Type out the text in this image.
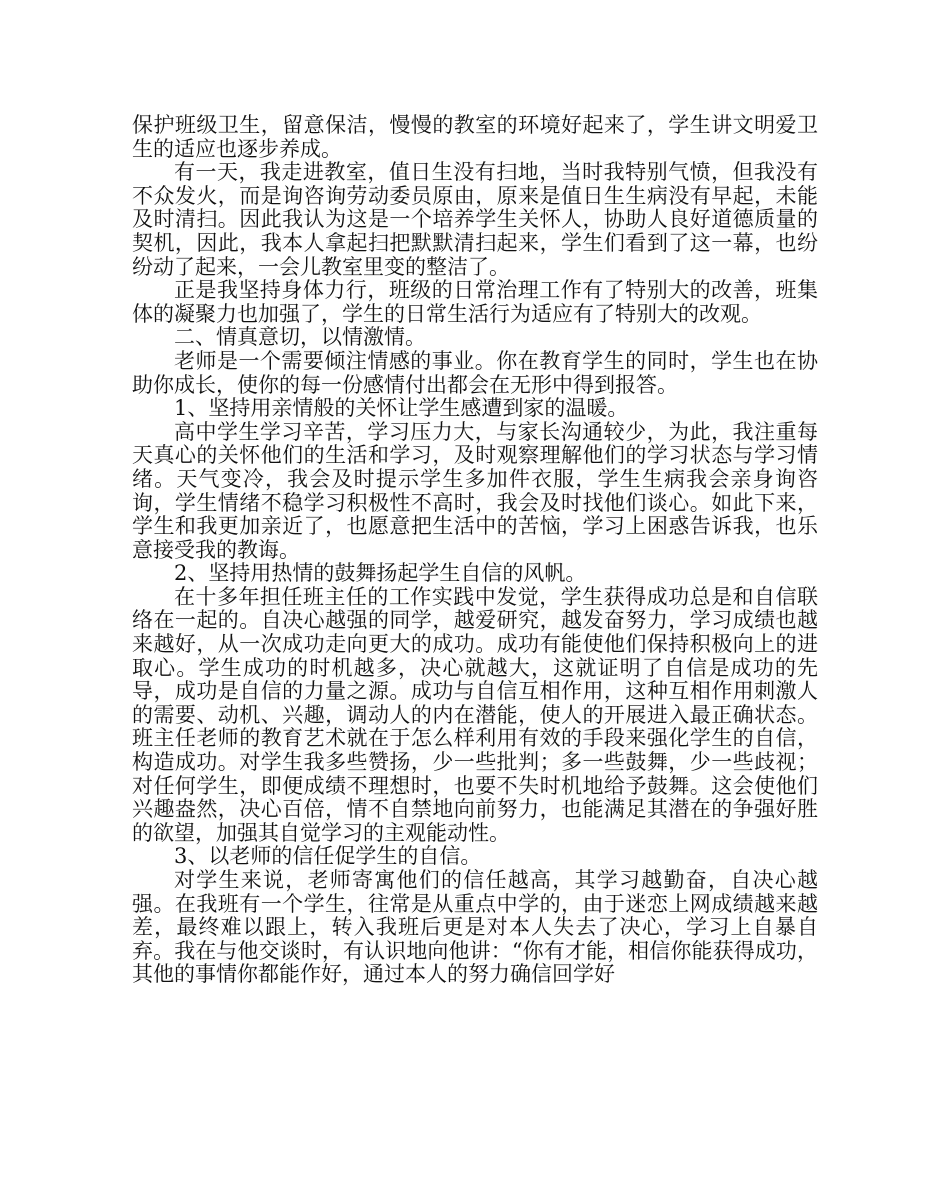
保护班级卫生，留意保洁，慢慢的教室的环境好起来了，学生讲文明爱卫生的适应也逐步养成。

有一天，我走进教室，值日生没有扫地，当时我特别气愤，但我没有不众发火，而是询咨询劳动委员原由，原来是值日生生病没有早起，未能及时清扫。因此我认为这是一个培养学生关怀人，协助人良好道德质量的契机，因此，我本人拿起扫把默默清扫起来，学生们看到了这一幕，也纷纷动了起来，一会儿教室里变的整洁了。

正是我坚持身体力行，班级的日常治理工作有了特别大的改善，班集体的凝聚力也加强了，学生的日常生活行为适应有了特别大的改观。

二、情真意切，以情激情。

老师是一个需要倾注情感的事业。你在教育学生的同时，学生也在协助你成长，使你的每一份感情付出都会在无形中得到报答。

1、坚持用亲情般的关怀让学生感遭到家的温暖。

高中学生学习辛苦，学习压力大，与家长沟通较少，为此，我注重每天真心的关怀他们的生活和学习，及时观察理解他们的学习状态与学习情绪。天气变冷，我会及时提示学生多加件衣服，学生生病我会亲身询咨询，学生情绪不稳学习积极性不高时，我会及时找他们谈心。如此下来，学生和我更加亲近了，也愿意把生活中的苦恼，学习上困惑告诉我，也乐意接受我的教诲。

2、坚持用热情的鼓舞扬起学生自信的风帆。

在十多年担任班主任的工作实践中发觉，学生获得成功总是和自信联络在一起的。自决心越强的同学，越爱研究，越发奋努力，学习成绩也越来越好，从一次成功走向更大的成功。成功有能使他们保持积极向上的进取心。学生成功的时机越多，决心就越大，这就证明了自信是成功的先导，成功是自信的力量之源。成功与自信互相作用，这种互相作用刺激人的需要、动机、兴趣，调动人的内在潜能，使人的开展进入最正确状态。班主任老师的教育艺术就在于怎么样利用有效的手段来强化学生的自信，构造成功。对学生我多些赞扬，少一些批判；多一些鼓舞，少一些歧视；对任何学生，即便成绩不理想时，也要不失时机地给予鼓舞。这会使他们兴趣盎然，决心百倍，情不自禁地向前努力，也能满足其潜在的争强好胜的欲望，加强其自觉学习的主观能动性。

3、以老师的信任促学生的自信。

对学生来说，老师寄寓他们的信任越高，其学习越勤奋，自决心越强。在我班有一个学生，往常是从重点中学的，由于迷恋上网成绩越来越差，最终难以跟上，转入我班后更是对本人失去了决心，学习上自暴自弃。我在与他交谈时，有认识地向他讲：“你有才能，相信你能获得成功，其他的事情你都能作好，通过本人的努力确信回学好
